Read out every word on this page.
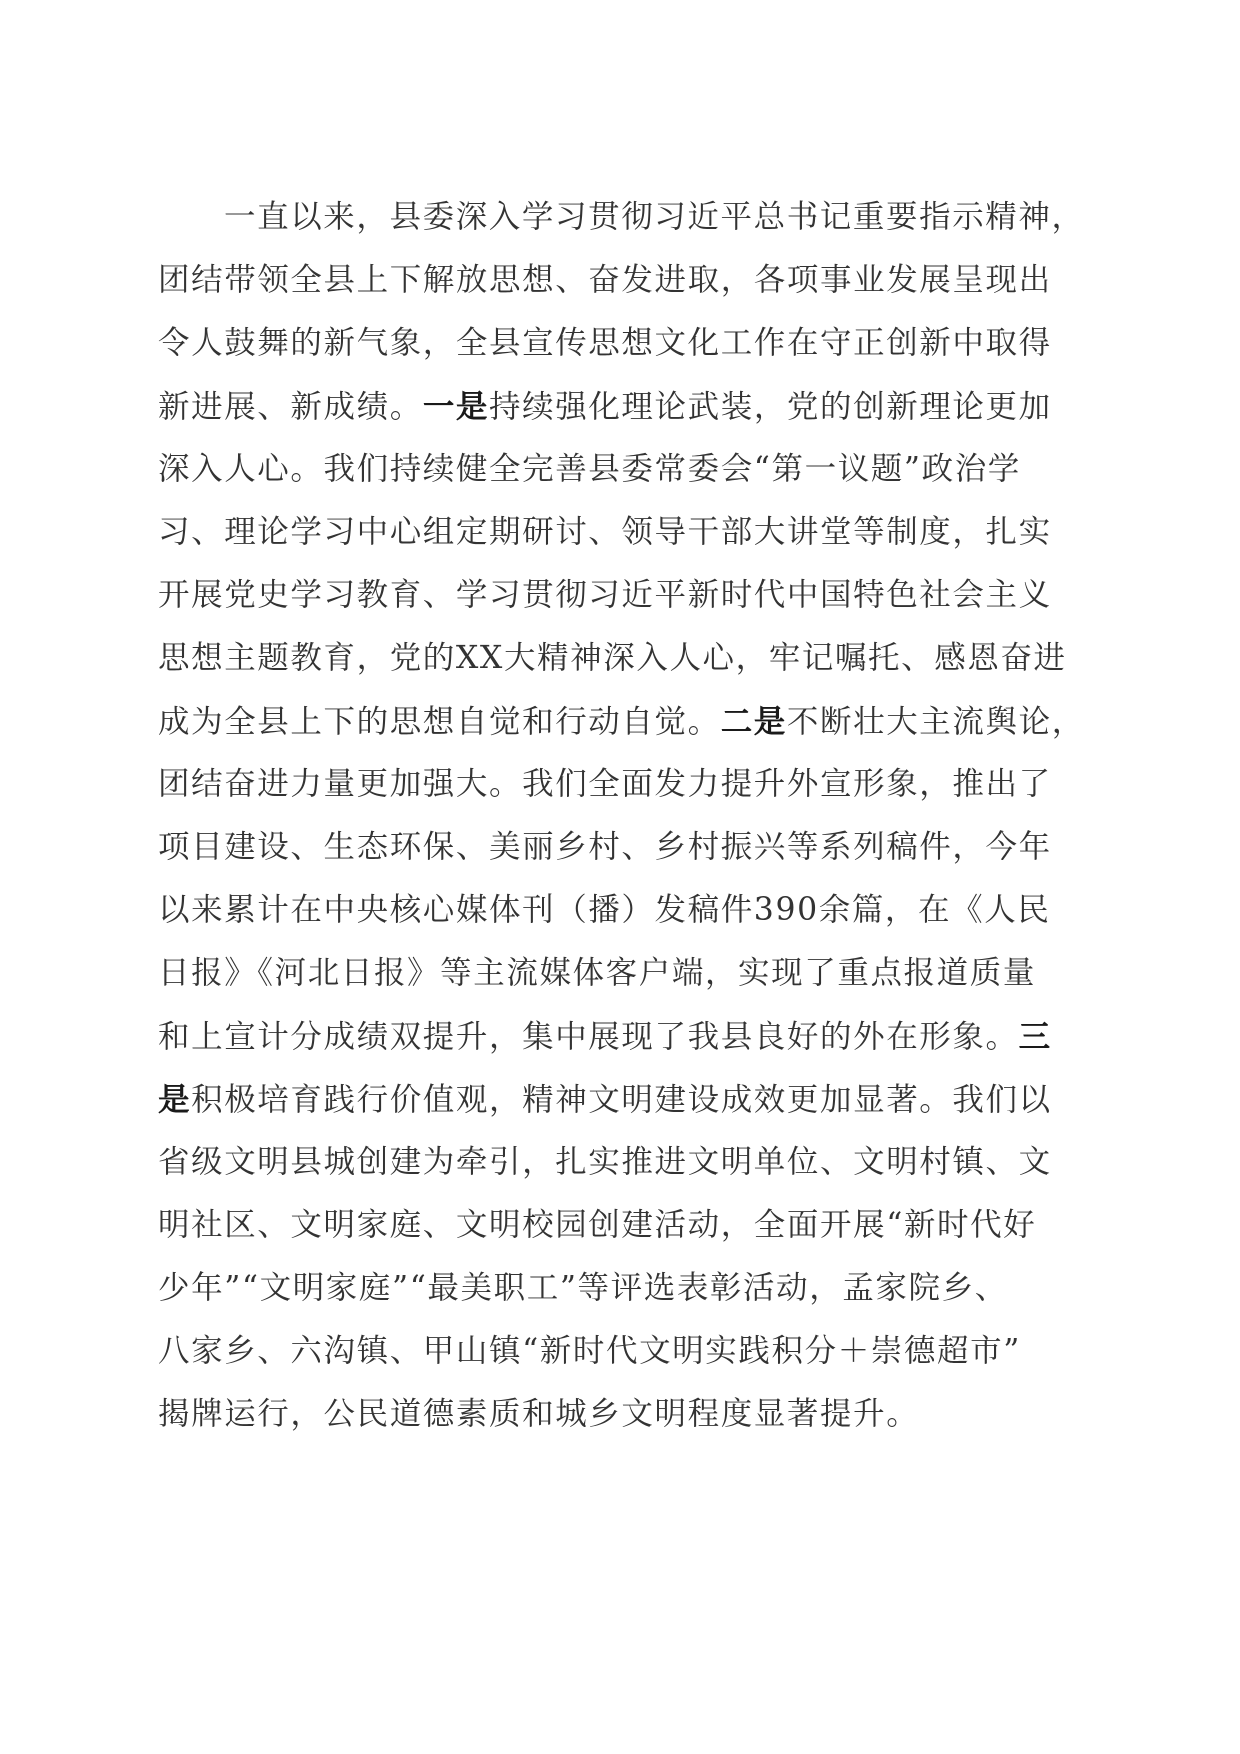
一直以来，县委深入学习贯彻习近平总书记重要指示精神，
团结带领全县上下解放思想、奋发进取，各项事业发展呈现出
令人鼓舞的新气象，全县宣传思想文化工作在守正创新中取得
新进展、新成绩。一是持续强化理论武装，党的创新理论更加
深入人心。我们持续健全完善县委常委会“第一议题”政治学
习、理论学习中心组定期研讨、领导干部大讲堂等制度，扎实
开展党史学习教育、学习贯彻习近平新时代中国特色社会主义
思想主题教育，党的XX大精神深入人心，牢记嘱托、感恩奋进
成为全县上下的思想自觉和行动自觉。二是不断壮大主流舆论，
团结奋进力量更加强大。我们全面发力提升外宣形象，推出了
项目建设、生态环保、美丽乡村、乡村振兴等系列稿件，今年
以来累计在中央核心媒体刊（播）发稿件390余篇，在《人民
日报》《河北日报》等主流媒体客户端，实现了重点报道质量
和上宣计分成绩双提升，集中展现了我县良好的外在形象。三
是积极培育践行价值观，精神文明建设成效更加显著。我们以
省级文明县城创建为牵引，扎实推进文明单位、文明村镇、文
明社区、文明家庭、文明校园创建活动，全面开展“新时代好
少年”“文明家庭”“最美职工”等评选表彰活动，孟家院乡、
八家乡、六沟镇、甲山镇“新时代文明实践积分＋崇德超市”
揭牌运行，公民道德素质和城乡文明程度显著提升。
